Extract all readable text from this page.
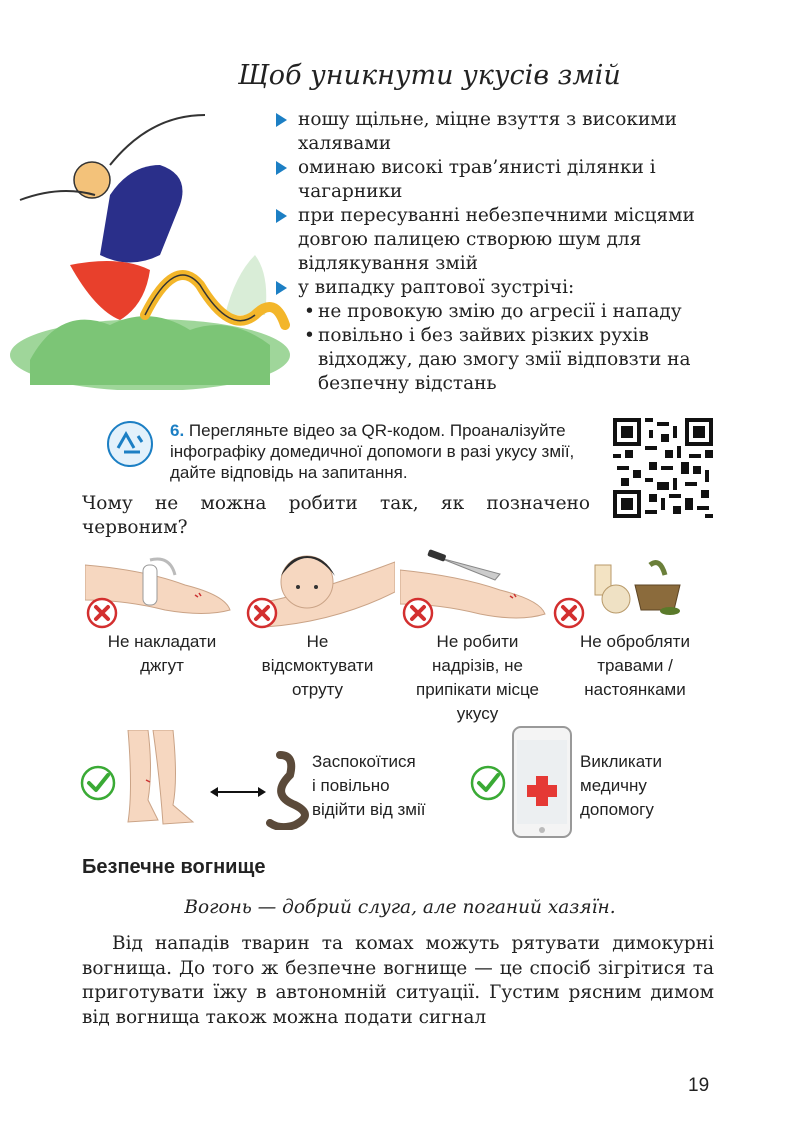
Щоб уникнути укусів змій
ношу щільне, міцне взуття з високими халявами
оминаю високі трав’янисті ділянки і чагарники
при пересуванні небезпечними місцями довгою палицею створюю шум для відлякування змій
у випадку раптової зустрічі:
• не провокую змію до агресії і нападу
• повільно і без зайвих різких рухів відходжу, даю змогу змії відповзти на безпечну відстань
6. Перегляньте відео за QR-кодом. Проаналізуйте інфографіку домедичної допомоги в разі укусу змії, дайте відповідь на запитання.
Чому не можна робити так, як позначено червоним?
Не накладати
джгут
Не
відсмоктувати
отруту
Не робити
надрізів, не
припікати місце
укусу
Не обробляти
травами /
настоянками
Заспокоїтися
і повільно
відійти від змії
Викликати
медичну
допомогу
Безпечне вогнище
Вогонь — добрий слуга, але поганий хазяїн.

Від нападів тварин та комах можуть рятувати димокурні вогнища. До того ж безпечне вогнище — це спосіб зігрітися та приготувати їжу в автономній ситуації. Густим рясним димом від вогнища також можна подати сигнал

19
